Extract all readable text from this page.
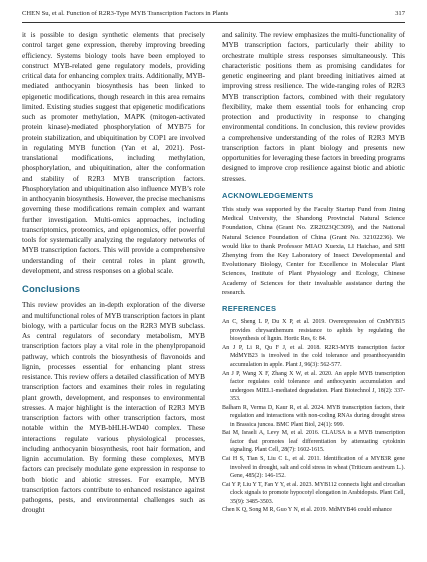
CHEN Su, et al. Function of R2R3-Type MYB Transcription Factors in Plants	317

it is possible to design synthetic elements that precisely control target gene expression, thereby improving breeding efficiency. Systems biology tools have been employed to construct MYB-related gene regulatory models, providing critical data for enhancing complex traits. Additionally, MYB-mediated anthocyanin biosynthesis has been linked to epigenetic modifications, though research in this area remains limited. Existing studies suggest that epigenetic modifications such as promoter methylation, MAPK (mitogen-activated protein kinase)-mediated phosphorylation of MYB75 for protein stabilization, and ubiquitination by COP1 are involved in regulating MYB function (Yan et al, 2021). Post-translational modifications, including methylation, phosphorylation, and ubiquitination, alter the conformation and stability of R2R3 MYB transcription factors. Phosphorylation and ubiquitination also influence MYB’s role in anthocyanin biosynthesis. However, the precise mechanisms governing these modifications remain complex and warrant further investigation. Multi-omics approaches, including transcriptomics, proteomics, and epigenomics, offer powerful tools for systematically analyzing the regulatory networks of MYB transcription factors. This will provide a comprehensive understanding of their central roles in plant growth, development, and stress responses on a global scale.

Conclusions

This review provides an in-depth exploration of the diverse and multifunctional roles of MYB transcription factors in plant biology, with a particular focus on the R2R3 MYB subclass. As central regulators of secondary metabolism, MYB transcription factors play a vital role in the phenylpropanoid pathway, which controls the biosynthesis of flavonoids and lignin, processes essential for enhancing plant stress resistance. This review offers a detailed classification of MYB transcription factors and examines their roles in regulating plant growth, development, and responses to environmental stresses. A major highlight is the interaction of R2R3 MYB transcription factors with other transcription factors, most notable within the MYB-bHLH-WD40 complex. These interactions regulate various physiological processes, including anthocyanin biosynthesis, root hair formation, and lignin accumulation. By forming these complexes, MYB factors can precisely modulate gene expression in response to both biotic and abiotic stresses. For example, MYB transcription factors contribute to enhanced resistance against pathogens, pests, and environmental challenges such as drought

and salinity. The review emphasizes the multi-functionality of MYB transcription factors, particularly their ability to orchestrate multiple stress responses simultaneously. This characteristic positions them as promising candidates for genetic engineering and plant breeding initiatives aimed at improving stress resilience. The wide-ranging roles of R2R3 MYB transcription factors, combined with their regulatory flexibility, make them essential tools for enhancing crop protection and productivity in response to changing environmental conditions. In conclusion, this review provides a comprehensive understanding of the roles of R2R3 MYB transcription factors in plant biology and presents new opportunities for leveraging these factors in breeding programs designed to improve crop resilience against biotic and abiotic stresses.

ACKNOWLEDGEMENTS

This study was supported by the Faculty Startup Fund from Jining Medical University, the Shandong Provincial Natural Science Foundation, China (Grant No. ZR2023QC309), and the National Natural Science Foundation of China (Grant No. 32102236). We would like to thank Professor MIAO Xuexia, LI Haichao, and SHI Zhenying from the Key Laboratory of Insect Developmental and Evolutionary Biology, Center for Excellence in Molecular Plant Sciences, Institute of Plant Physiology and Ecology, Chinese Academy of Sciences for their invaluable assistance during the research.

REFERENCES
An C, Sheng L P, Du X P, et al. 2019. Overexpression of CmMYB15 provides chrysanthemum resistance to aphids by regulating the biosynthesis of lignin. Hortic Res, 6: 84.
An J P, Li R, Qu F J, et al. 2018. R2R3-MYB transcription factor MdMYB23 is involved in the cold tolerance and proanthocyanidin accumulation in apple. Plant J, 96(3): 562-577.
An J P, Wang X F, Zhang X W, et al. 2020. An apple MYB transcription factor regulates cold tolerance and anthocyanin accumulation and undergoes MIEL1-mediated degradation. Plant Biotechnol J, 18(2): 337-353.
Balharn R, Verma D, Kaur R, et al. 2024. MYB transcription factors, their regulation and interactions with non-coding RNAs during drought stress in Brassica juncea. BMC Plant Biol, 24(1): 999.
Bai M, Israeli A, Levy M, et al. 2016. CLAUSA is a MYB transcription factor that promotes leaf differentiation by attenuating cytokinin signaling. Plant Cell, 28(7): 1602-1615.
Cai H S, Tian S, Liu C L, et al. 2011. Identification of a MYB3R gene involved in drought, salt and cold stress in wheat (Triticum aestivum L.). Gene, 485(2): 146-152.
Cai Y P, Liu Y T, Fan Y Y, et al. 2023. MYB112 connects light and circadian clock signals to promote hypocotyl elongation in Arabidopsis. Plant Cell, 35(9): 3485-3503.
Chen K Q, Song M R, Guo Y N, et al. 2019. MdMYB46 could enhance
